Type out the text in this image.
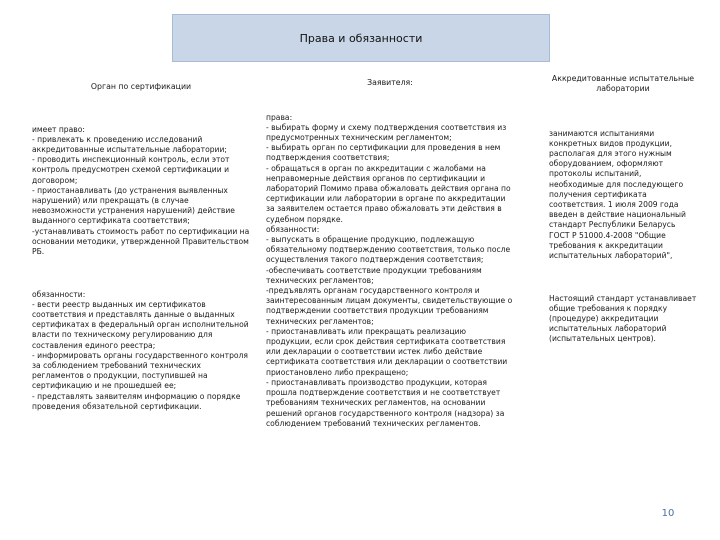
Права и обязанности

Орган по сертификации

имеет право:
- привлекать к проведению исследований аккредитованные испытательные лаборатории;
- проводить инспекционный контроль, если этот контроль предусмотрен схемой сертификации и договором;
- приостанавливать (до устранения выявленных нарушений) или прекращать (в случае невозможности устранения нарушений) действие выданного сертификата соответствия;
-устанавливать стоимость работ по сертификации на основании методики, утвержденной Правительством РБ.

обязанности:
- вести реестр выданных им сертификатов соответствия и представлять данные о выданных сертификатах в федеральный орган исполнительной власти по техническому регулированию для составления единого реестра;
- информировать органы государственного контроля за соблюдением требований технических регламентов о продукции, поступившей на сертификацию и не прошедшей ее;
- представлять заявителям информацию о порядке проведения обязательной сертификации.

Заявителя:

права:
- выбирать форму и схему подтверждения соответствия из предусмотренных техническим регламентом;
- выбирать орган по сертификации для проведения в нем подтверждения соответствия;
- обращаться в орган по аккредитации с жалобами на неправомерные действия органов по сертификации и лабораторий Помимо права обжаловать действия органа по сертификации или лаборатории в органе по аккредитации за заявителем остается право обжаловать эти действия в судебном порядке.
обязанности:
- выпускать в обращение продукцию, подлежащую обязательному подтверждению соответствия, только после осуществления такого подтверждения соответствия;
-обеспечивать соответствие продукции требованиям технических регламентов;
-предъявлять органам государственного контроля и заинтересованным лицам документы, свидетельствующие о подтверждении соответствия продукции требованиям технических регламентов;
- приостанавливать или прекращать реализацию продукции, если срок действия сертификата соответствия или декларации о соответствии истек либо действие сертификата соответствия или декларации о соответствии приостановлено либо прекращено;
- приостанавливать производство продукции, которая прошла подтверждение соответствия и не соответствует требованиям технических регламентов, на основании решений органов государственного контроля (надзора) за соблюдением требований технических регламентов.

Аккредитованные испытательные лаборатории

занимаются испытаниями конкретных видов продукции, располагая для этого нужным оборудованием, оформляют протоколы испытаний, необходимые для последующего получения сертификата соответствия. 1 июля 2009 года введен в действие национальный стандарт Республики Беларусь ГОСТ Р 51000.4-2008 "Общие требования к аккредитации испытательных лабораторий",

Настоящий стандарт устанавливает общие требования к порядку (процедуре) аккредитации испытательных лабораторий (испытательных центров).

10
